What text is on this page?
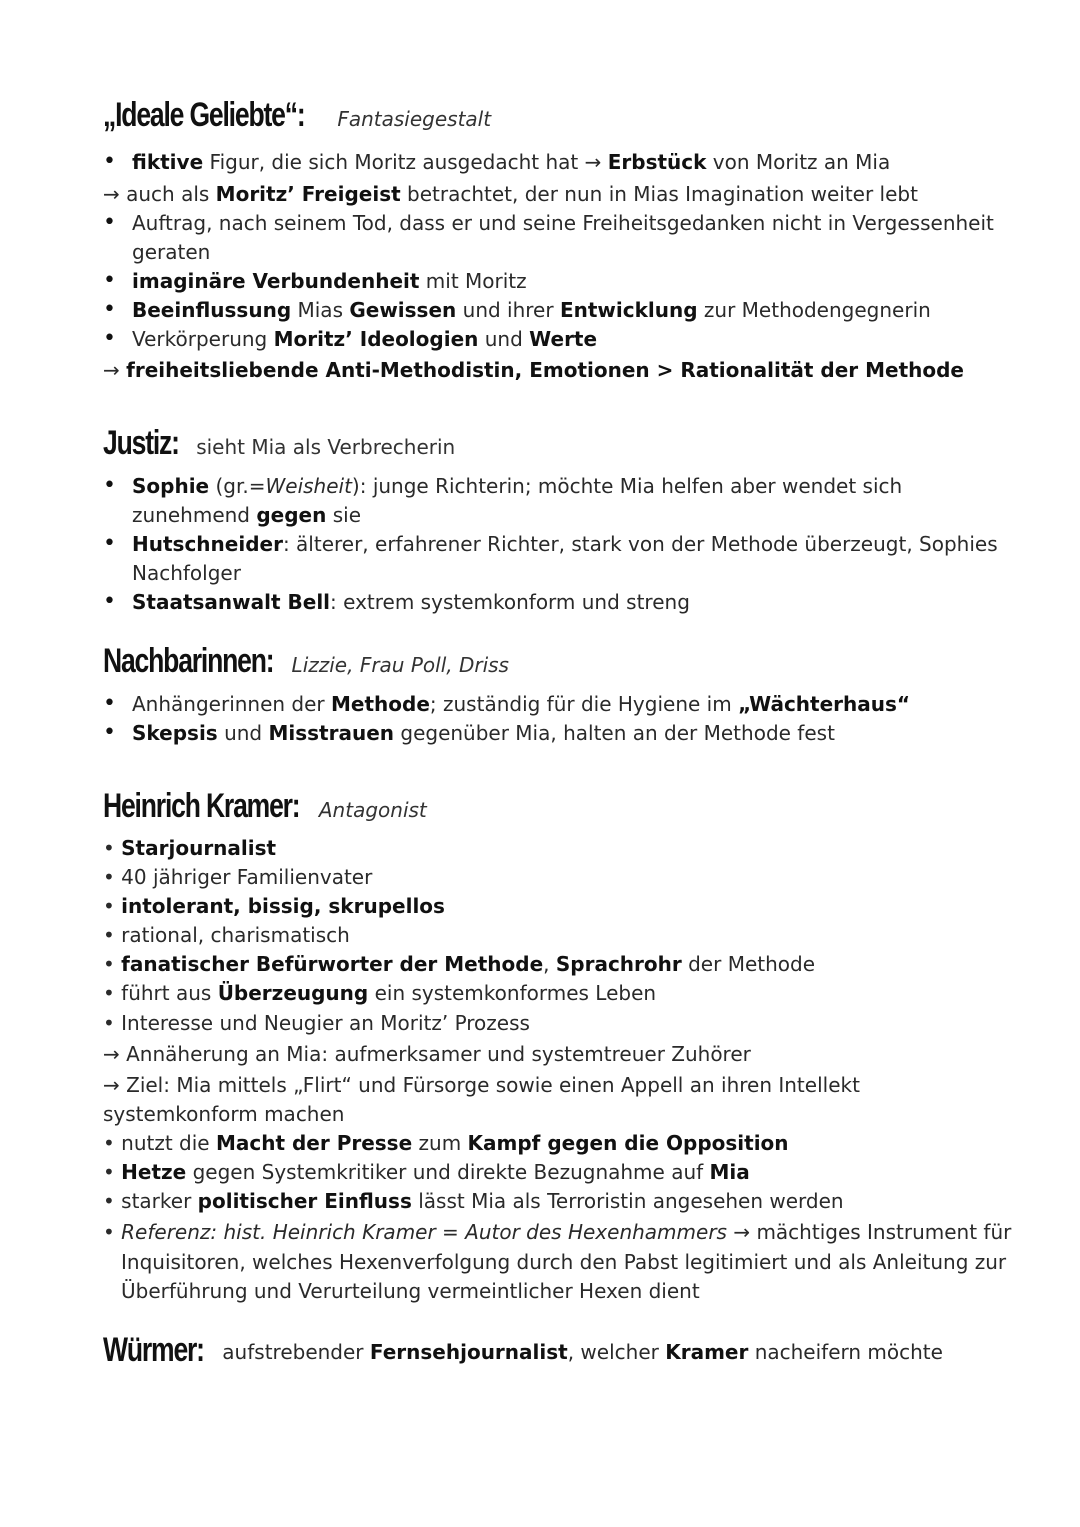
„Ideale Geliebte“: Fantasiegestalt
• fiktive Figur, die sich Moritz ausgedacht hat → Erbstück von Moritz an Mia
→ auch als Moritz’ Freigeist betrachtet, der nun in Mias Imagination weiter lebt
• Auftrag, nach seinem Tod, dass er und seine Freiheitsgedanken nicht in Vergessenheit
geraten
• imaginäre Verbundenheit mit Moritz
• Beeinflussung Mias Gewissen und ihrer Entwicklung zur Methodengegnerin
• Verkörperung Moritz’ Ideologien und Werte
→ freiheitsliebende Anti-Methodistin, Emotionen > Rationalität der Methode
Justiz: sieht Mia als Verbrecherin
• Sophie (gr.=Weisheit): junge Richterin; möchte Mia helfen aber wendet sich
zunehmend gegen sie
• Hutschneider: älterer, erfahrener Richter, stark von der Methode überzeugt, Sophies
Nachfolger
• Staatsanwalt Bell: extrem systemkonform und streng
Nachbarinnen: Lizzie, Frau Poll, Driss
• Anhängerinnen der Methode; zuständig für die Hygiene im „Wächterhaus“
• Skepsis und Misstrauen gegenüber Mia, halten an der Methode fest
Heinrich Kramer: Antagonist
• Starjournalist
• 40 jähriger Familienvater
• intolerant, bissig, skrupellos
• rational, charismatisch
• fanatischer Befürworter der Methode, Sprachrohr der Methode
• führt aus Überzeugung ein systemkonformes Leben
• Interesse und Neugier an Moritz’ Prozess
→ Annäherung an Mia: aufmerksamer und systemtreuer Zuhörer
→ Ziel: Mia mittels „Flirt“ und Fürsorge sowie einen Appell an ihren Intellekt
systemkonform machen
• nutzt die Macht der Presse zum Kampf gegen die Opposition
• Hetze gegen Systemkritiker und direkte Bezugnahme auf Mia
• starker politischer Einfluss lässt Mia als Terroristin angesehen werden
• Referenz: hist. Heinrich Kramer = Autor des Hexenhammers → mächtiges Instrument für
Inquisitoren, welches Hexenverfolgung durch den Pabst legitimiert und als Anleitung zur
Überführung und Verurteilung vermeintlicher Hexen dient
Würmer: aufstrebender Fernsehjournalist, welcher Kramer nacheifern möchte
